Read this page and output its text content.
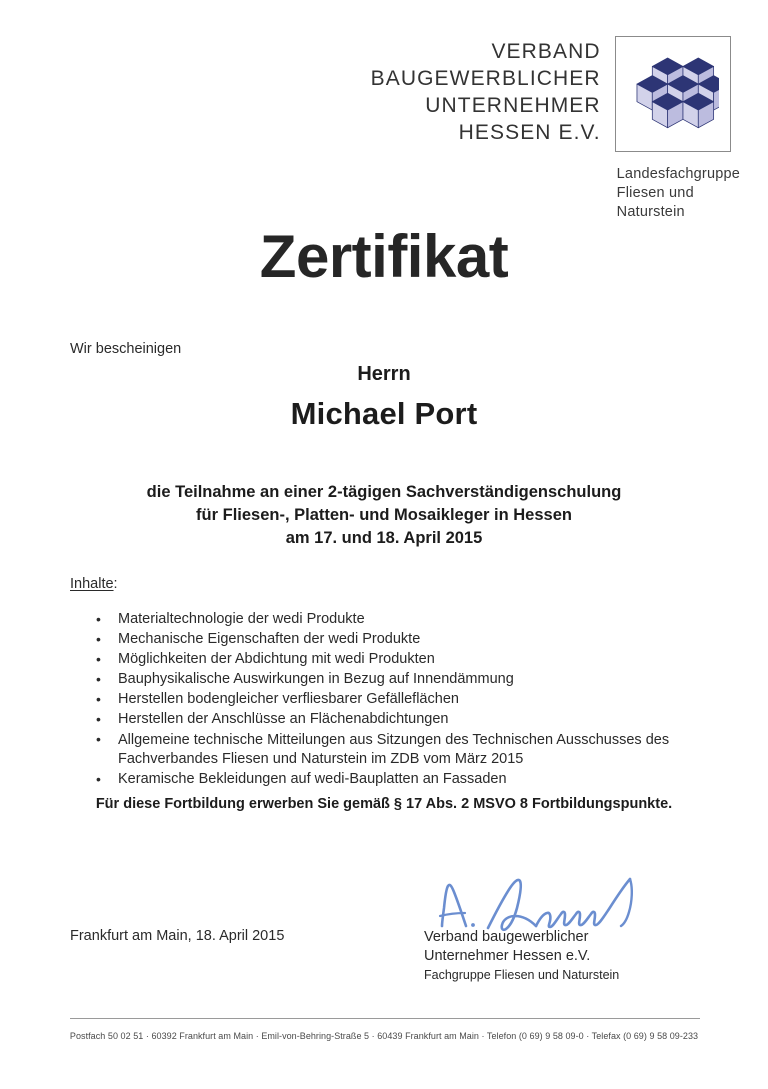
VERBAND
BAUGEWERBLICHER
UNTERNEHMER
HESSEN E.V.
Landesfachgruppe
Fliesen und
Naturstein
Zertifikat
Wir bescheinigen
Herrn
Michael Port
die Teilnahme an einer 2-tägigen Sachverständigenschulung
für Fliesen-, Platten- und Mosaikleger in Hessen
am 17. und 18. April 2015
Inhalte:
• Materialtechnologie der wedi Produkte
• Mechanische Eigenschaften der wedi Produkte
• Möglichkeiten der Abdichtung mit wedi Produkten
• Bauphysikalische Auswirkungen in Bezug auf Innendämmung
• Herstellen bodengleicher verfliesbarer Gefälleflächen
• Herstellen der Anschlüsse an Flächenabdichtungen
• Allgemeine technische Mitteilungen aus Sitzungen des Technischen Ausschusses des Fachverbandes Fliesen und Naturstein im ZDB vom März 2015
• Keramische Bekleidungen auf wedi-Bauplatten an Fassaden
Für diese Fortbildung erwerben Sie gemäß § 17 Abs. 2 MSVO 8 Fortbildungspunkte.
Frankfurt am Main, 18. April 2015	Verband baugewerblicher
Unternehmer Hessen e.V.
Fachgruppe Fliesen und Naturstein
Postfach 50 02 51 · 60392 Frankfurt am Main · Emil-von-Behring-Straße 5 · 60439 Frankfurt am Main · Telefon (0 69) 9 58 09-0 · Telefax (0 69) 9 58 09-233
